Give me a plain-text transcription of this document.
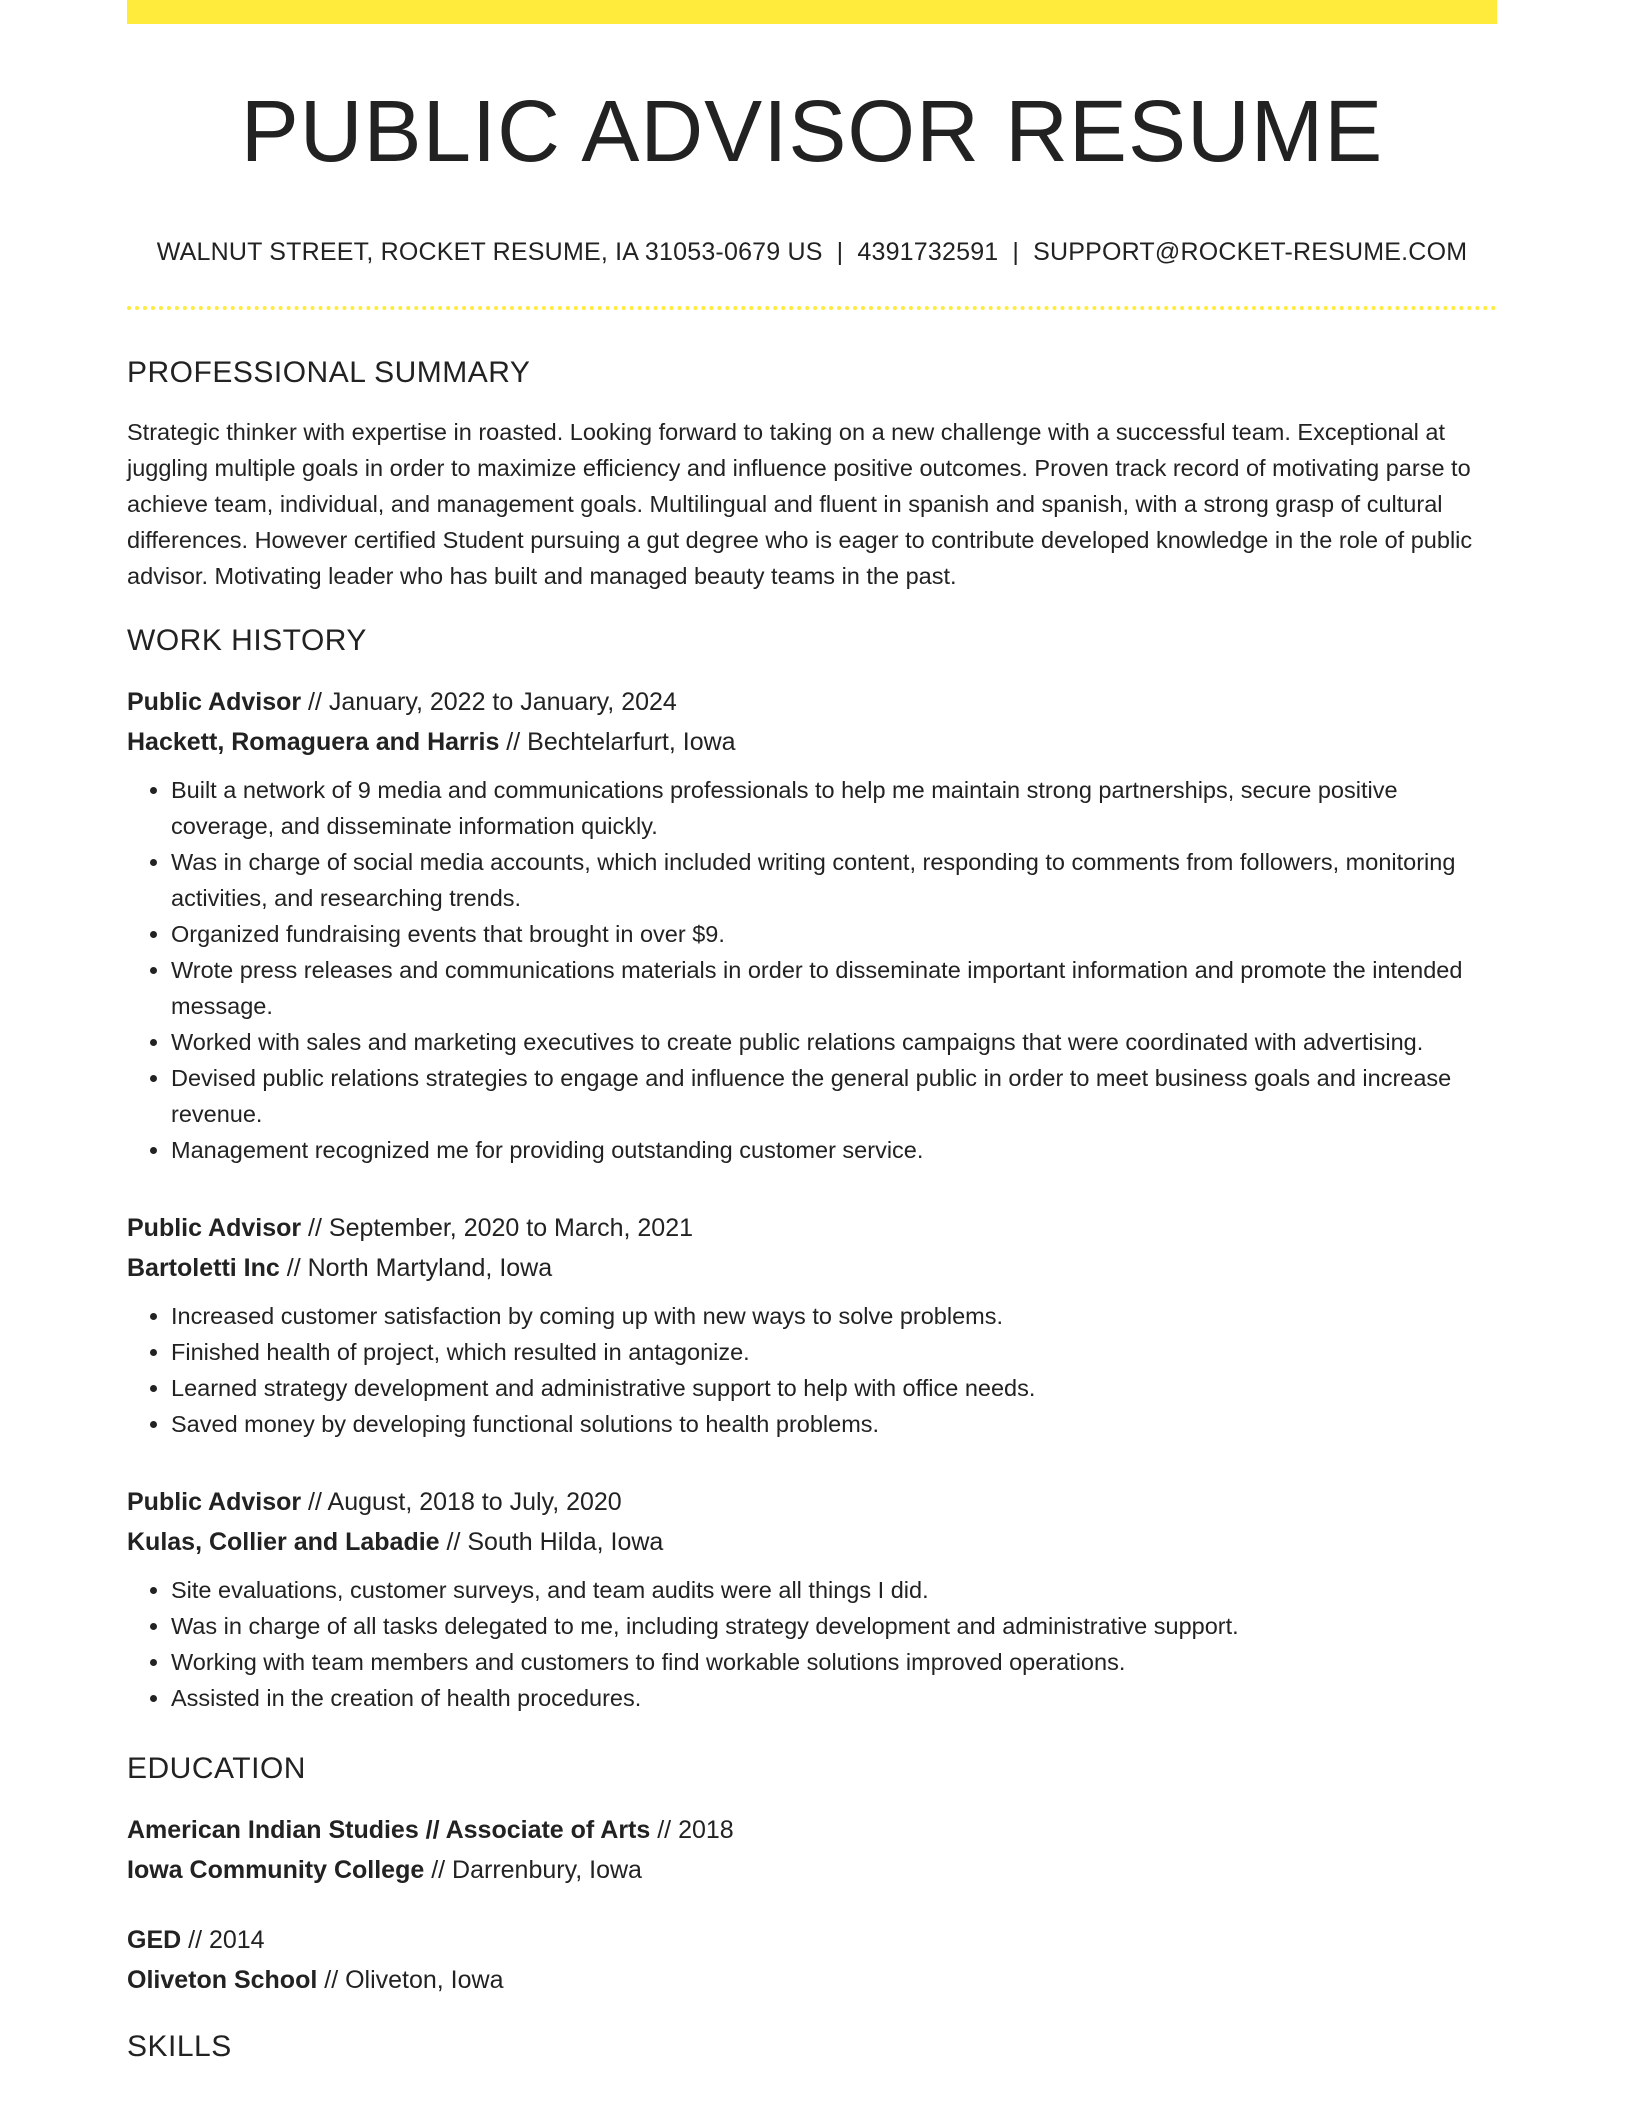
PUBLIC ADVISOR RESUME
WALNUT STREET, ROCKET RESUME, IA 31053-0679 US | 4391732591 | SUPPORT@ROCKET-RESUME.COM
PROFESSIONAL SUMMARY
Strategic thinker with expertise in roasted. Looking forward to taking on a new challenge with a successful team. Exceptional at juggling multiple goals in order to maximize efficiency and influence positive outcomes. Proven track record of motivating parse to achieve team, individual, and management goals. Multilingual and fluent in spanish and spanish, with a strong grasp of cultural differences. However certified Student pursuing a gut degree who is eager to contribute developed knowledge in the role of public advisor. Motivating leader who has built and managed beauty teams in the past.
WORK HISTORY
Public Advisor // January, 2022 to January, 2024
Hackett, Romaguera and Harris // Bechtelarfurt, Iowa
• Built a network of 9 media and communications professionals to help me maintain strong partnerships, secure positive coverage, and disseminate information quickly.
• Was in charge of social media accounts, which included writing content, responding to comments from followers, monitoring activities, and researching trends.
• Organized fundraising events that brought in over $9.
• Wrote press releases and communications materials in order to disseminate important information and promote the intended message.
• Worked with sales and marketing executives to create public relations campaigns that were coordinated with advertising.
• Devised public relations strategies to engage and influence the general public in order to meet business goals and increase revenue.
• Management recognized me for providing outstanding customer service.
Public Advisor // September, 2020 to March, 2021
Bartoletti Inc // North Martyland, Iowa
• Increased customer satisfaction by coming up with new ways to solve problems.
• Finished health of project, which resulted in antagonize.
• Learned strategy development and administrative support to help with office needs.
• Saved money by developing functional solutions to health problems.
Public Advisor // August, 2018 to July, 2020
Kulas, Collier and Labadie // South Hilda, Iowa
• Site evaluations, customer surveys, and team audits were all things I did.
• Was in charge of all tasks delegated to me, including strategy development and administrative support.
• Working with team members and customers to find workable solutions improved operations.
• Assisted in the creation of health procedures.
EDUCATION
American Indian Studies // Associate of Arts // 2018
Iowa Community College // Darrenbury, Iowa
GED // 2014
Oliveton School // Oliveton, Iowa
SKILLS
